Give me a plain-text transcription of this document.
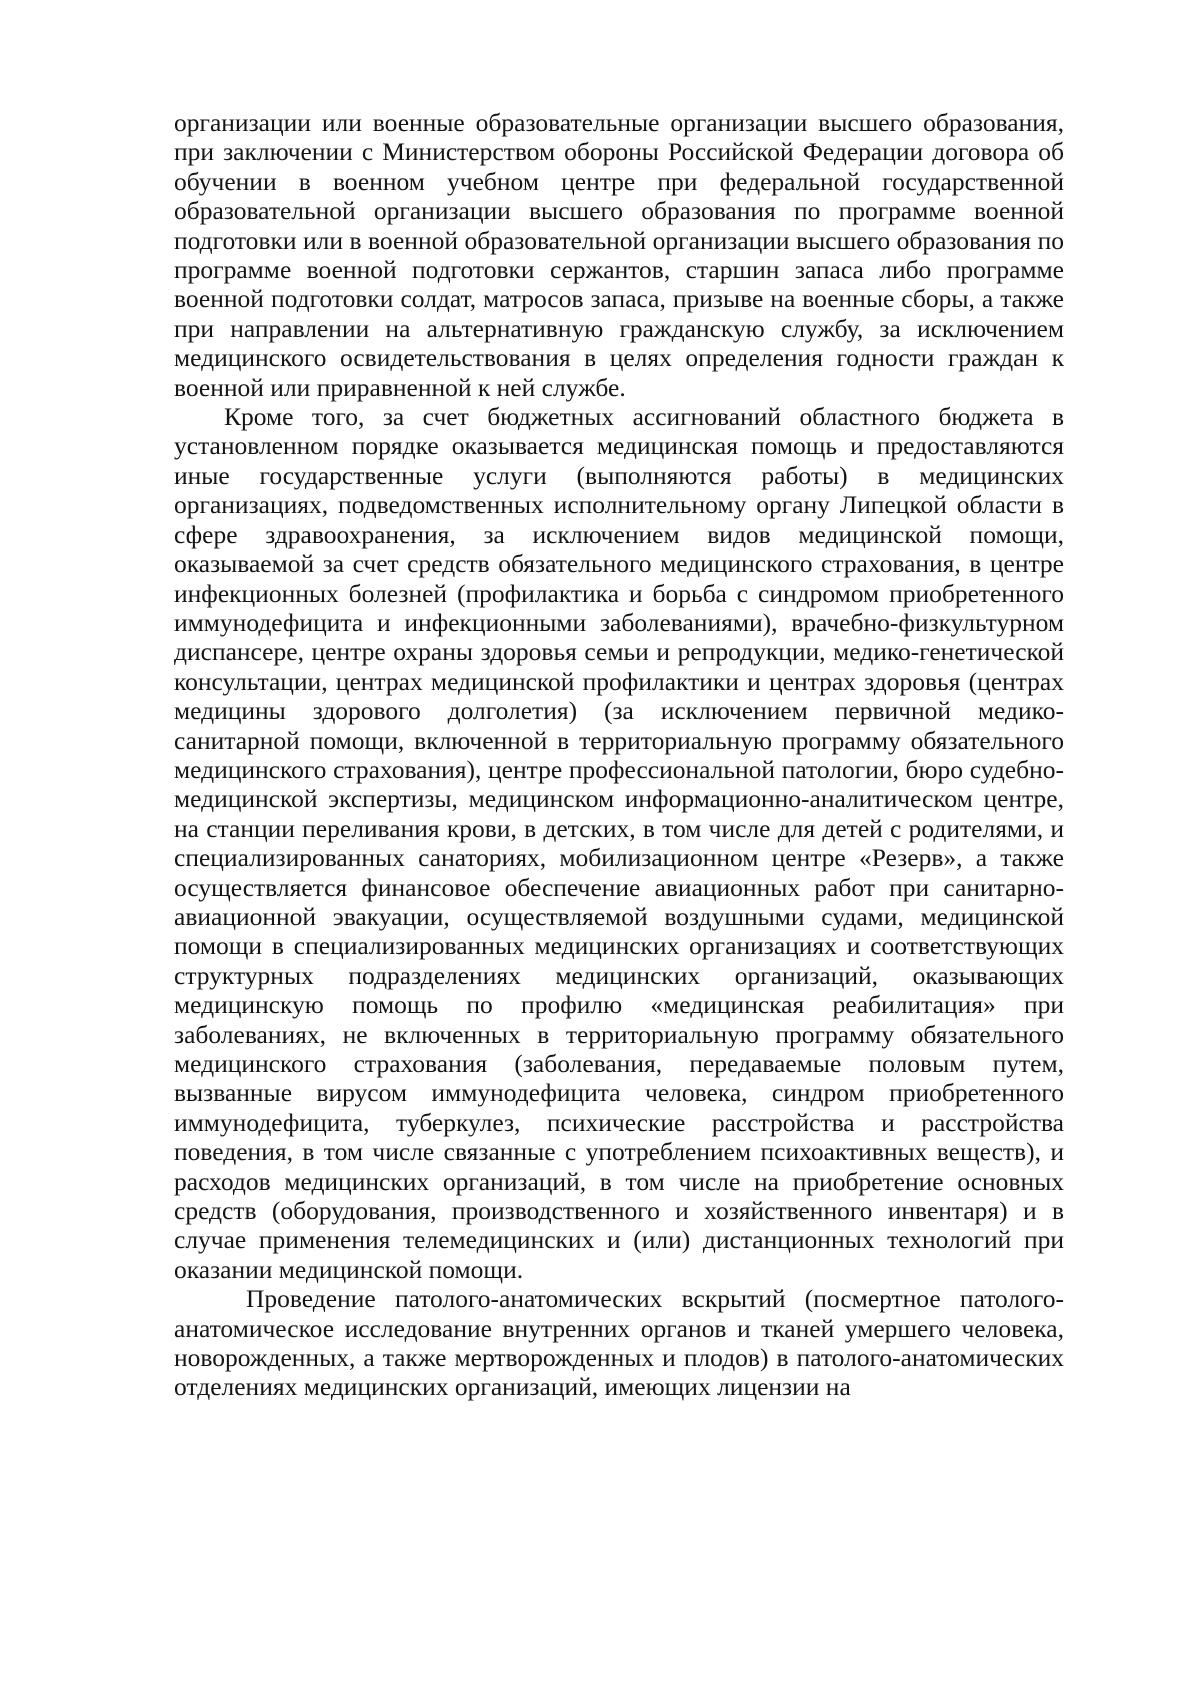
организации или военные образовательные организации высшего образования, при заключении с Министерством обороны Российской Федерации договора об обучении в военном учебном центре при федеральной государственной образовательной организации высшего образования по программе военной подготовки или в военной образовательной организации высшего образования по программе военной подготовки сержантов, старшин запаса либо программе военной подготовки солдат, матросов запаса, призыве на военные сборы, а также при направлении на альтернативную гражданскую службу, за исключением медицинского освидетельствования в целях определения годности граждан к военной или приравненной к ней службе.

Кроме того, за счет бюджетных ассигнований областного бюджета в установленном порядке оказывается медицинская помощь и предоставляются иные государственные услуги (выполняются работы) в медицинских организациях, подведомственных исполнительному органу Липецкой области в сфере здравоохранения, за исключением видов медицинской помощи, оказываемой за счет средств обязательного медицинского страхования, в центре инфекционных болезней (профилактика и борьба с синдромом приобретенного иммунодефицита и инфекционными заболеваниями), врачебно-физкультурном диспансере, центре охраны здоровья семьи и репродукции, медико-генетической консультации, центрах медицинской профилактики и центрах здоровья (центрах медицины здорового долголетия) (за исключением первичной медико-санитарной помощи, включенной в территориальную программу обязательного медицинского страхования), центре профессиональной патологии, бюро судебно-медицинской экспертизы, медицинском информационно-аналитическом центре, на станции переливания крови, в детских, в том числе для детей с родителями, и специализированных санаториях, мобилизационном центре «Резерв», а также осуществляется финансовое обеспечение авиационных работ при санитарно-авиационной эвакуации, осуществляемой воздушными судами, медицинской помощи в специализированных медицинских организациях и соответствующих структурных подразделениях медицинских организаций, оказывающих медицинскую помощь по профилю «медицинская реабилитация» при заболеваниях, не включенных в территориальную программу обязательного медицинского страхования (заболевания, передаваемые половым путем, вызванные вирусом иммунодефицита человека, синдром приобретенного иммунодефицита, туберкулез, психические расстройства и расстройства поведения, в том числе связанные с употреблением психоактивных веществ), и расходов медицинских организаций, в том числе на приобретение основных средств (оборудования, производственного и хозяйственного инвентаря) и в случае применения телемедицинских и (или) дистанционных технологий при оказании медицинской помощи.

Проведение патолого-анатомических вскрытий (посмертное патолого-анатомическое исследование внутренних органов и тканей умершего человека, новорожденных, а также мертворожденных и плодов) в патолого-анатомических отделениях медицинских организаций, имеющих лицензии на
